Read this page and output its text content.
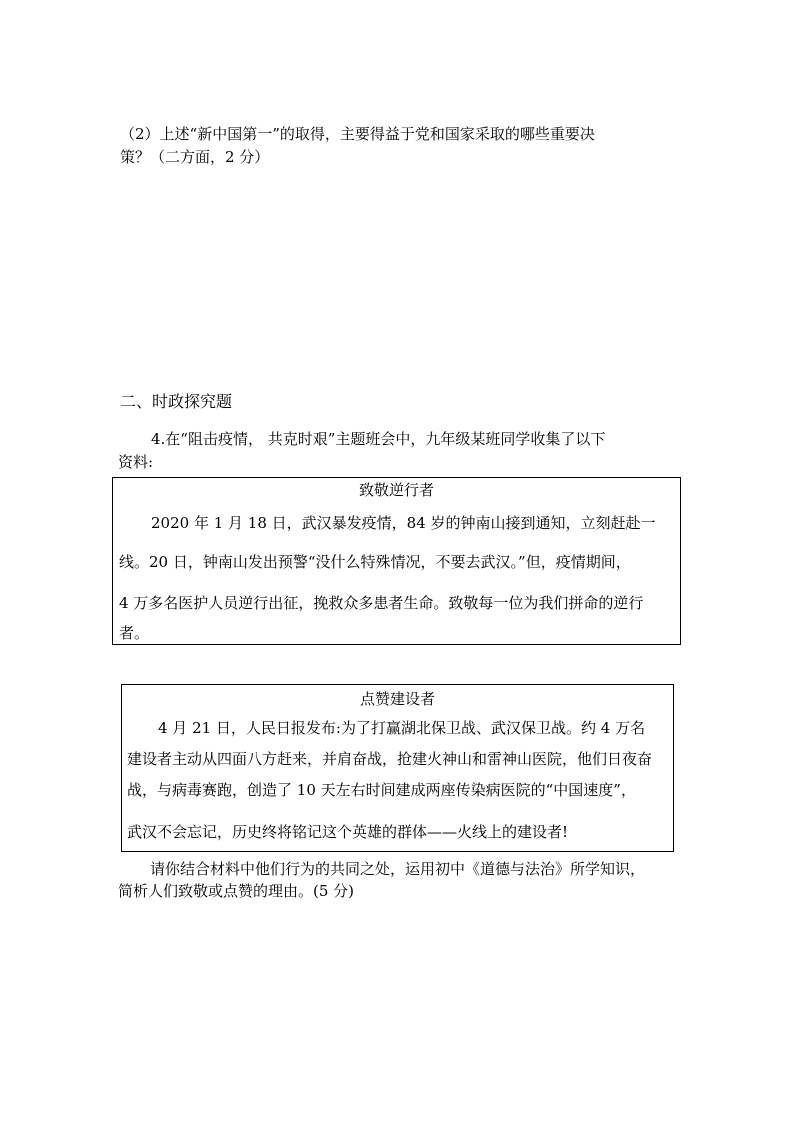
（2）上述“新中国第一”的取得，主要得益于党和国家采取的哪些重要决
策？（二方面，2 分）
二、时政探究题
4.在“阻击疫情， 共克时艰”主题班会中，九年级某班同学收集了以下
资料:
致敬逆行者
2020 年 1 月 18 日，武汉暴发疫情，84 岁的钟南山接到通知，立刻赶赴一
线。20 日，钟南山发出预警“没什么特殊情况，不要去武汉。”但，疫情期间，
4 万多名医护人员逆行出征，挽救众多患者生命。致敬每一位为我们拼命的逆行
者。
点赞建设者
4 月 21 日，人民日报发布:为了打赢湖北保卫战、武汉保卫战。约 4 万名
建设者主动从四面八方赶来，并肩奋战，抢建火神山和雷神山医院，他们日夜奋
战，与病毒赛跑，创造了 10 天左右时间建成两座传染病医院的“中国速度”，
武汉不会忘记，历史终将铭记这个英雄的群体——火线上的建设者!
请你结合材料中他们行为的共同之处，运用初中《道德与法治》所学知识，
简析人们致敬或点赞的理由。(5 分)
